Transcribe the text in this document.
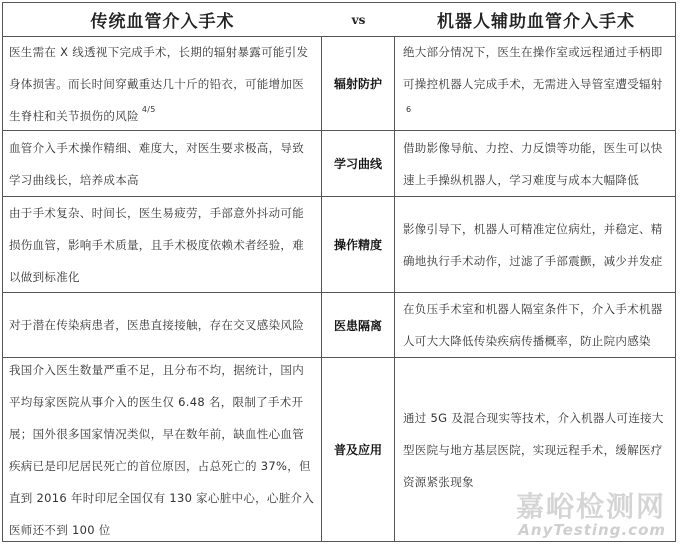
传统血管介入手术	vs	机器人辅助血管介入手术
医生需在 X 线透视下完成手术，长期的辐射暴露可能引发身体损害。而长时间穿戴重达几十斤的铅衣，可能增加医生脊柱和关节损伤的风险 $^{4/5}$
辐射防护
绝大部分情况下，医生在操作室或远程通过手柄即可操控机器人完成手术，无需进入导管室遭受辐射$^6$
血管介入手术操作精细、难度大，对医生要求极高，导致学习曲线长，培养成本高
学习曲线
借助影像导航、力控、力反馈等功能，医生可以快速上手操纵机器人，学习难度与成本大幅降低
由于手术复杂、时间长，医生易疲劳，手部意外抖动可能损伤血管，影响手术质量，且手术极度依赖术者经验，难以做到标准化
操作精度
影像引导下，机器人可精准定位病灶，并稳定、精确地执行手术动作，过滤了手部震颤，减少并发症
对于潜在传染病患者，医患直接接触，存在交叉感染风险 医患隔离
在负压手术室和机器人隔室条件下，介入手术机器人可大大降低传染疾病传播概率，防止院内感染
我国介入医生数量严重不足，且分布不均，据统计，国内平均每家医院从事介入的医生仅 6.48 名，限制了手术开展；国外很多国家情况类似，早在数年前，缺血性心血管疾病已是印尼居民死亡的首位原因，占总死亡的 37%，但直到 2016 年时印尼全国仅有 130 家心脏中心，心脏介入医师还不到 100 位
普及应用
通过 5G 及混合现实等技术，介入机器人可连接大型医院与地方基层医院，实现远程手术，缓解医疗资源紧张现象
嘉峪检测网
AnyTesting.com
